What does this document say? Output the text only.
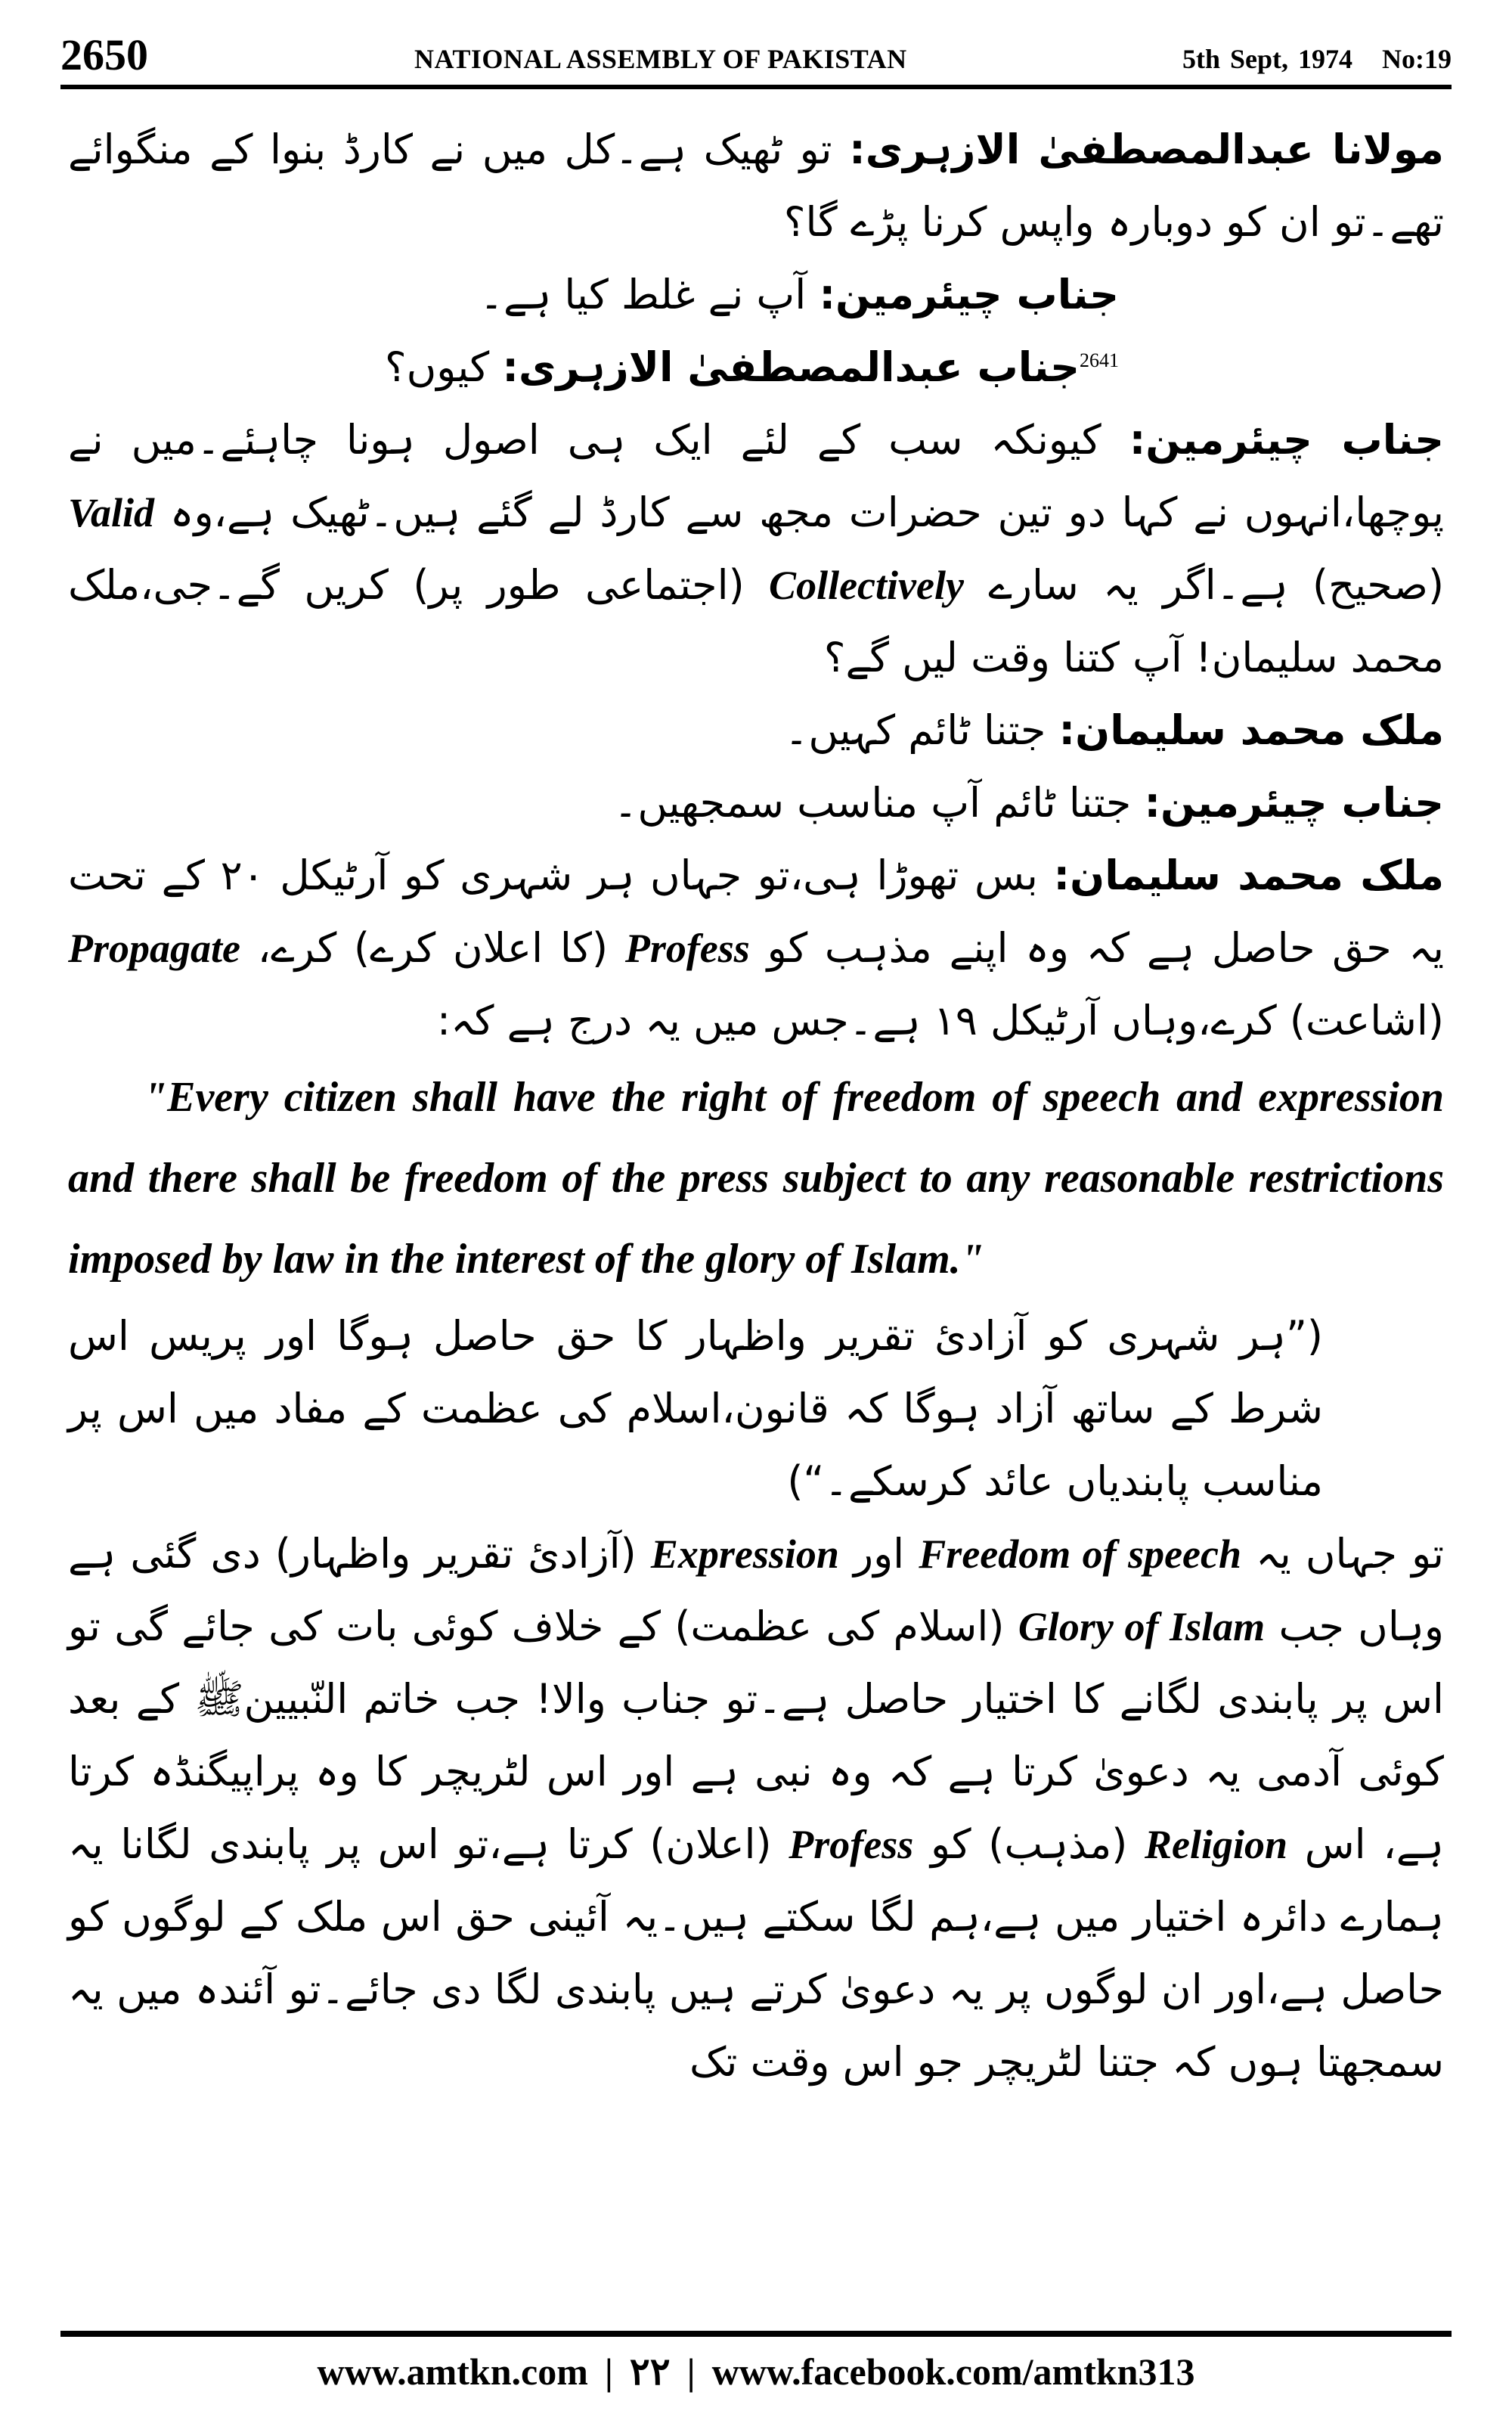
2650	NATIONAL ASSEMBLY OF PAKISTAN	5th Sept, 1974 No:19

مولانا عبدالمصطفیٰ الازہری: تو ٹھیک ہے۔کل میں نے کارڈ بنوا کے منگوائے تھے۔تو ان کو دوبارہ واپس کرنا پڑے گا؟

جناب چیئرمین: آپ نے غلط کیا ہے۔

$^{2641}$جناب عبدالمصطفیٰ الازہری: کیوں؟

جناب چیئرمین: کیونکہ سب کے لئے ایک ہی اصول ہونا چاہئے۔میں نے پوچھا،انہوں نے کہا دو تین حضرات مجھ سے کارڈ لے گئے ہیں۔ٹھیک ہے،وہ Valid (صحیح) ہے۔اگر یہ سارے Collectively (اجتماعی طور پر) کریں گے۔جی،ملک محمد سلیمان! آپ کتنا وقت لیں گے؟

ملک محمد سلیمان: جتنا ٹائم کہیں۔

جناب چیئرمین: جتنا ٹائم آپ مناسب سمجھیں۔

ملک محمد سلیمان: بس تھوڑا ہی،تو جہاں ہر شہری کو آرٹیکل ۲۰ کے تحت یہ حق حاصل ہے کہ وہ اپنے مذہب کو Profess (کا اعلان کرے) کرے، Propagate (اشاعت) کرے،وہاں آرٹیکل ۱۹ ہے۔جس میں یہ درج ہے کہ:

"Every citizen shall have the right of freedom of speech and expression and there shall be freedom of the press subject to any reasonable restrictions imposed by law in the interest of the glory of Islam."

(”ہر شہری کو آزادیٔ تقریر واظہار کا حق حاصل ہوگا اور پریس اس شرط کے ساتھ آزاد ہوگا کہ قانون،اسلام کی عظمت کے مفاد میں اس پر مناسب پابندیاں عائد کرسکے۔“)

تو جہاں یہ Freedom of speech اور Expression (آزادیٔ تقریر واظہار) دی گئی ہے وہاں جب Glory of Islam (اسلام کی عظمت) کے خلاف کوئی بات کی جائے گی تو اس پر پابندی لگانے کا اختیار حاصل ہے۔تو جناب والا! جب خاتم النّبیینﷺ کے بعد کوئی آدمی یہ دعویٰ کرتا ہے کہ وہ نبی ہے اور اس لٹریچر کا وہ پراپیگنڈہ کرتا ہے، اس Religion (مذہب) کو Profess (اعلان) کرتا ہے،تو اس پر پابندی لگانا یہ ہمارے دائرہ اختیار میں ہے،ہم لگا سکتے ہیں۔یہ آئینی حق اس ملک کے لوگوں کو حاصل ہے،اور ان لوگوں پر یہ دعویٰ کرتے ہیں پابندی لگا دی جائے۔تو آئندہ میں یہ سمجھتا ہوں کہ جتنا لٹریچر جو اس وقت تک

www.amtkn.com | ۲۲ | www.facebook.com/amtkn313
